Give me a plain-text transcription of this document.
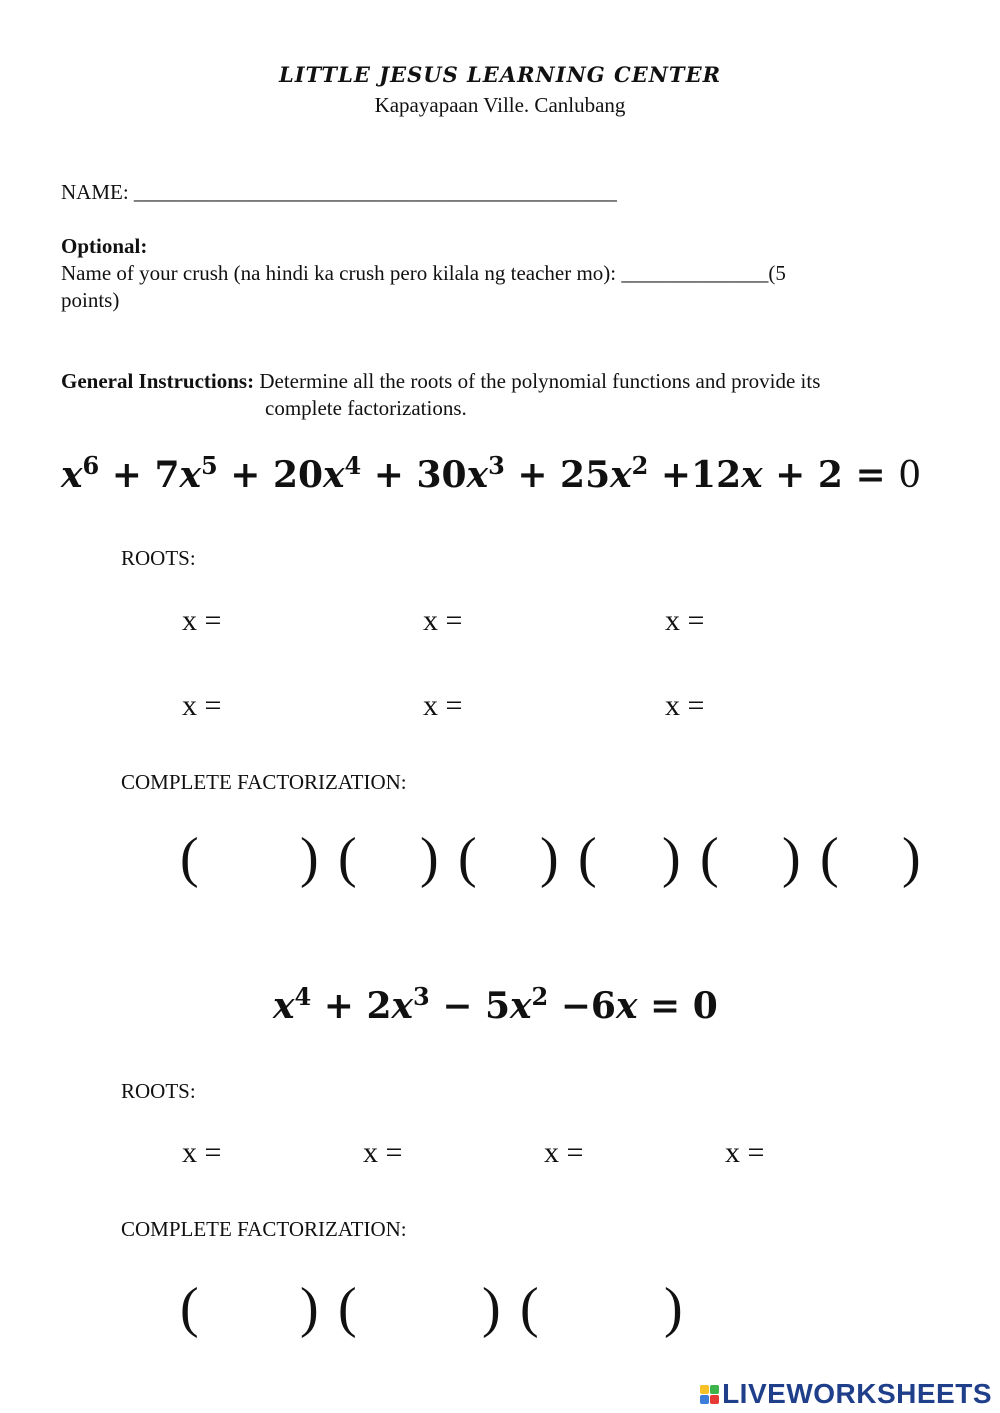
LITTLE JESUS LEARNING CENTER
Kapayapaan Ville. Canlubang
NAME: ______________________________________________
Optional:
Name of your crush (na hindi ka crush pero kilala ng teacher mo): ______________(5
points)
General Instructions: Determine all the roots of the polynomial functions and provide its
complete factorizations.
$x^6 + 7x^5 + 20x^4 + 30x^3 + 25x^2 +12x + 2 = 0$
ROOTS:
x =	x =	x =
x =	x =	x =
COMPLETE FACTORIZATION:
( ) ( ) ( ) ( ) ( ) ( )
$x^4 + 2x^3 - 5x^2 -6x = 0$
ROOTS:
x =	x =	x =	x =
COMPLETE FACTORIZATION:
( ) ( ) ( )
LIVEWORKSHEETS
